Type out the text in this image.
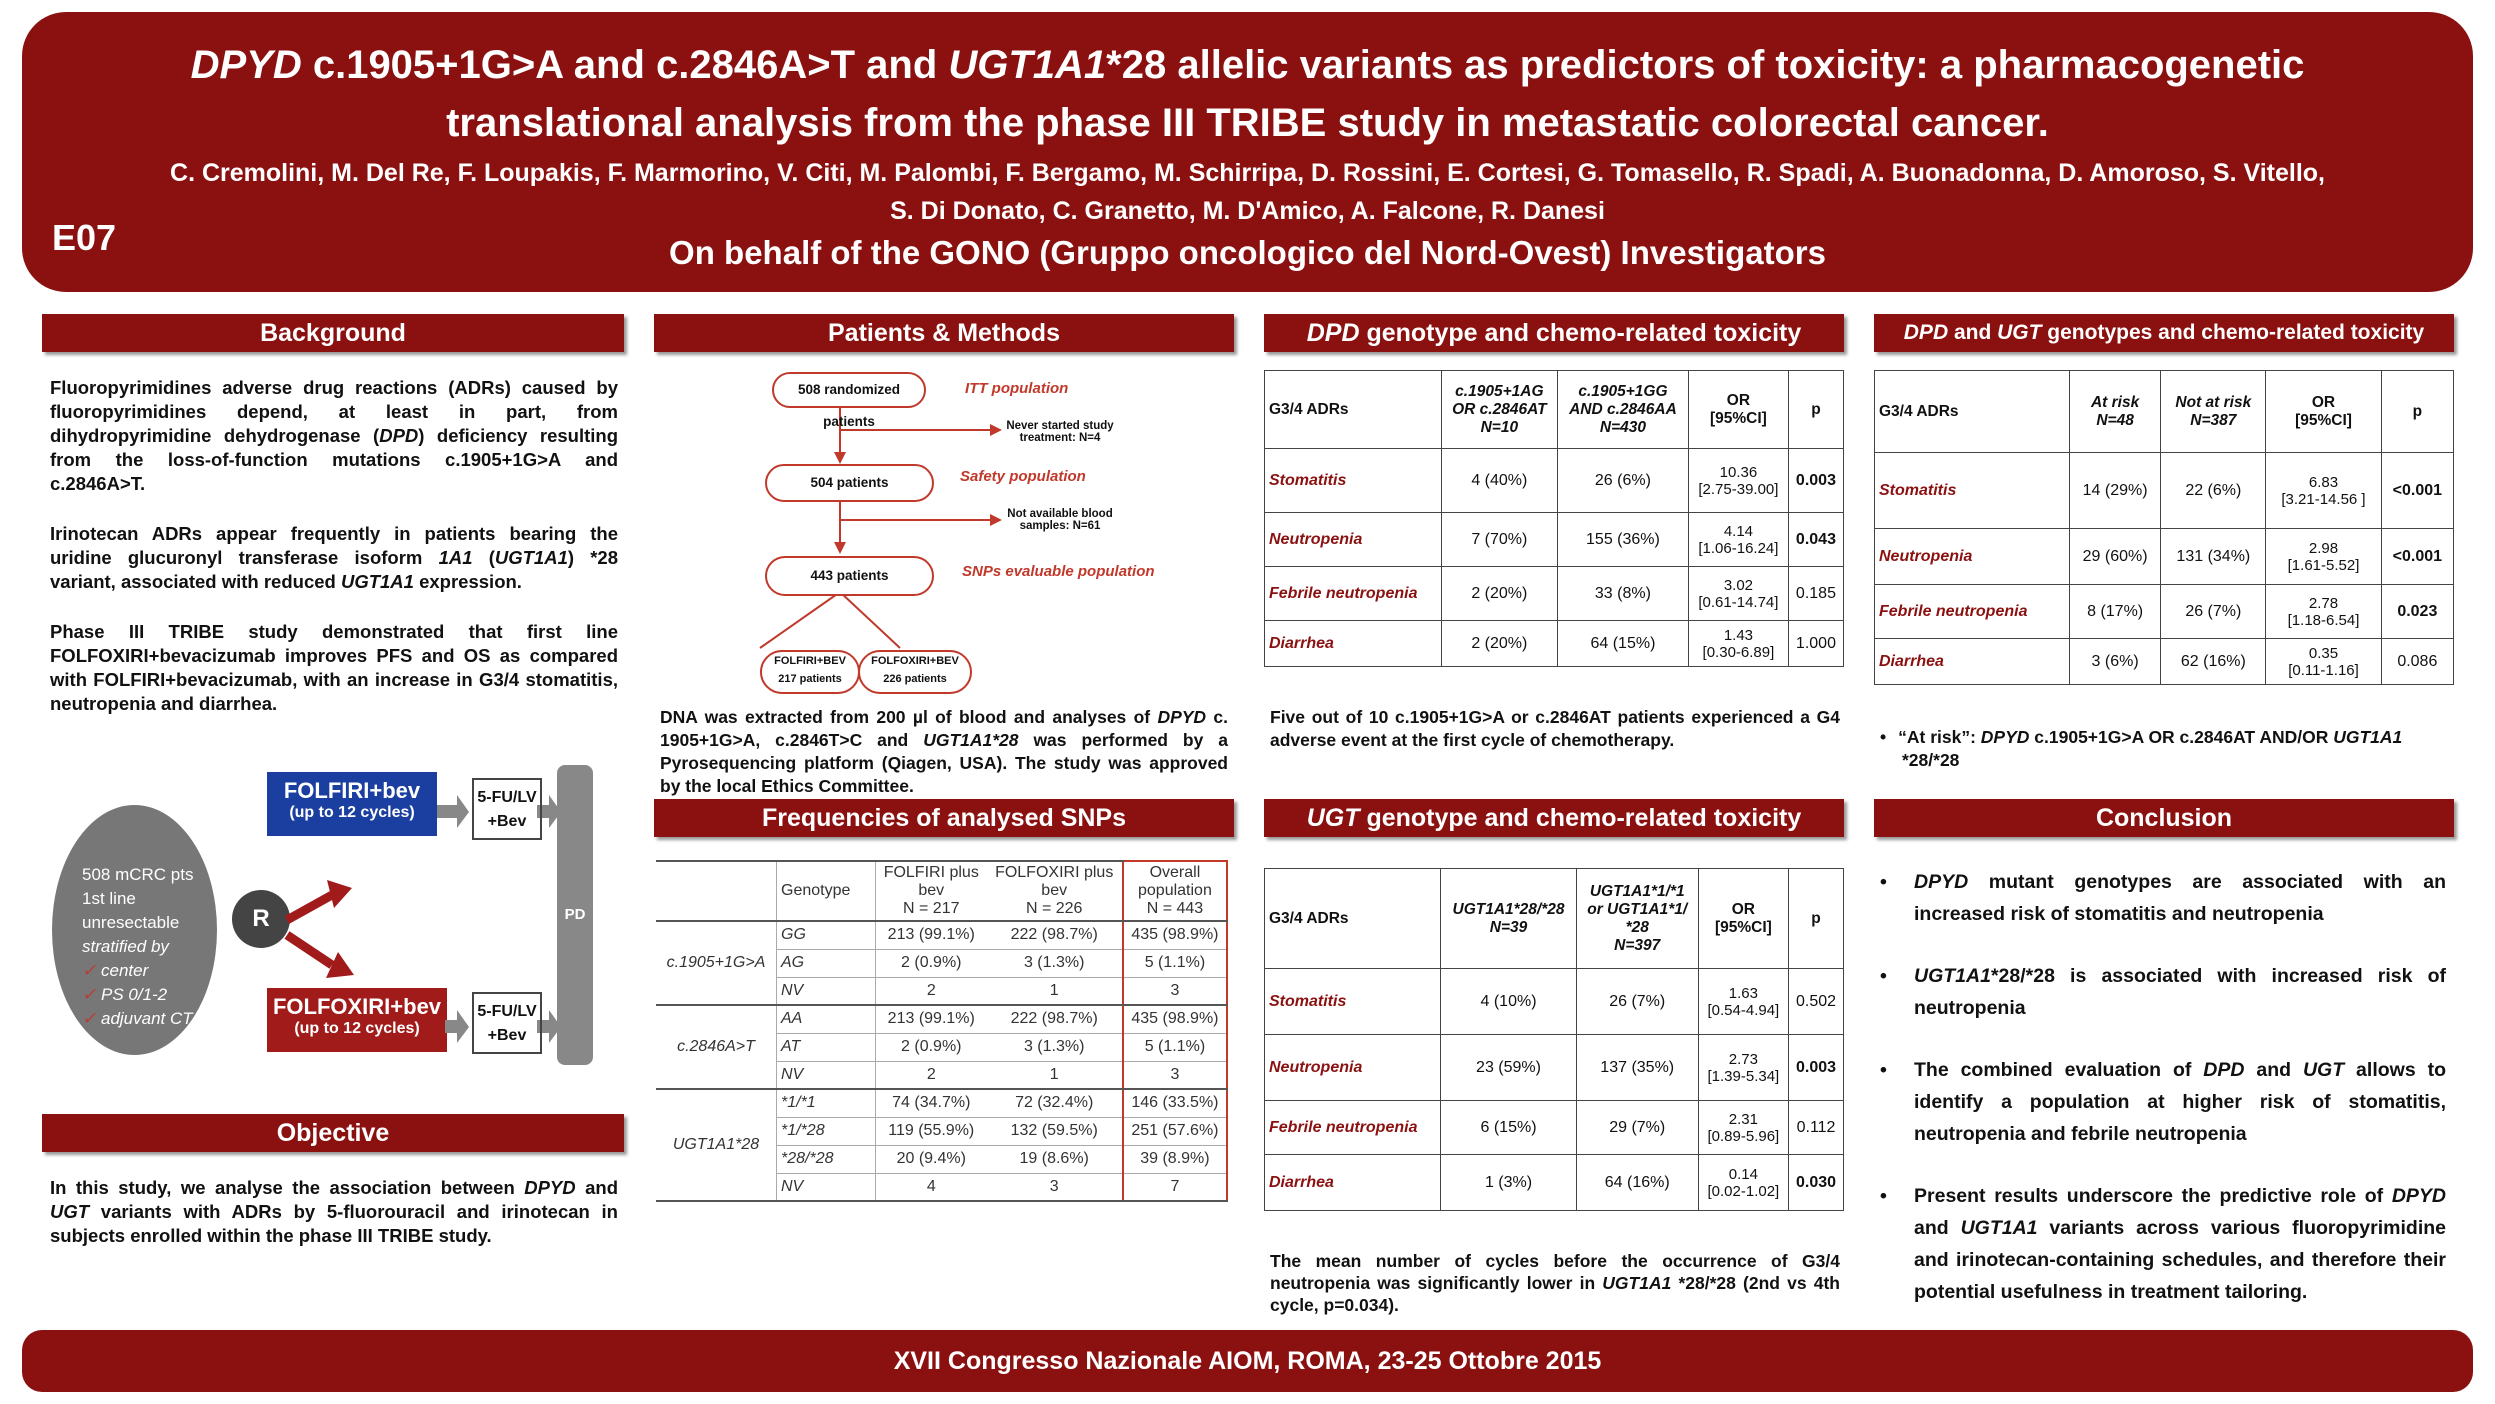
DPYD c.1905+1G>A and c.2846A>T and UGT1A1*28 allelic variants as predictors of toxicity: a pharmacogenetic
translational analysis from the phase III TRIBE study in metastatic colorectal cancer.
C. Cremolini, M. Del Re, F. Loupakis, F. Marmorino, V. Citi, M. Palombi, F. Bergamo, M. Schirripa, D. Rossini, E. Cortesi, G. Tomasello, R. Spadi, A. Buonadonna, D. Amoroso, S. Vitello,
S. Di Donato, C. Granetto, M. D'Amico, A. Falcone, R. Danesi
E07	On behalf of the GONO (Gruppo oncologico del Nord-Ovest) Investigators
Background

Fluoropyrimidines adverse drug reactions (ADRs) caused by fluoropyrimidines depend, at least in part, from dihydropyrimidine dehydrogenase (DPD) deficiency resulting from the loss-of-function mutations c.1905+1G>A and c.2846A>T.

Irinotecan ADRs appear frequently in patients bearing the uridine glucuronyl transferase isoform 1A1 (UGT1A1) *28 variant, associated with reduced UGT1A1 expression.

Phase III TRIBE study demonstrated that first line FOLFOXIRI+bevacizumab improves PFS and OS as compared with FOLFIRI+bevacizumab, with an increase in G3/4 stomatitis, neutropenia and diarrhea.

508 mCRC pts
1st line
unresectable
stratified by
✓ center
✓ PS 0/1-2
✓ adjuvant CT
R
FOLFIRI+bev
(up to 12 cycles)
FOLFOXIRI+bev
(up to 12 cycles)
5-FU/LV
+Bev
5-FU/LV
+Bev
PD
Objective
In this study, we analyse the association between DPYD and UGT variants with ADRs by 5-fluorouracil and irinotecan in subjects enrolled within the phase III TRIBE study.
Patients & Methods
508 randomized patients
ITT population
Never started study treatment: N=4
504 patients	Safety population
Not available blood samples: N=61
443 patients	SNPs evaluable population
FOLFIRI+BEV
217 patients
FOLFOXIRI+BEV
226 patients
DNA was extracted from 200 µl of blood and analyses of DPYD c. 1905+1G>A, c.2846T>C and UGT1A1*28 was performed by a Pyrosequencing platform (Qiagen, USA). The study was approved by the local Ethics Committee.
Frequencies of analysed SNPs
	Genotype	FOLFIRI plus
bev
N = 217	FOLFOXIRI plus
bev
N = 226	Overall
population
N = 443
c.1905+1G>A	GG	213 (99.1%)	222 (98.7%)	435 (98.9%)
	AG	2 (0.9%)	3 (1.3%)	5 (1.1%)
	NV	2	1	3
c.2846A>T	AA	213 (99.1%)	222 (98.7%)	435 (98.9%)
	AT	2 (0.9%)	3 (1.3%)	5 (1.1%)
	NV	2	1	3
UGT1A1*28	*1/*1	74 (34.7%)	72 (32.4%)	146 (33.5%)
	*1/*28	119 (55.9%)	132 (59.5%)	251 (57.6%)
	*28/*28	20 (9.4%)	19 (8.6%)	39 (8.9%)
	NV	4	3	7
DPD genotype and chemo-related toxicity
G3/4 ADRs	c.1905+1AG
OR c.2846AT
N=10	c.1905+1GG
AND c.2846AA
N=430	OR
[95%CI]	p
Stomatitis	4 (40%)	26 (6%)	10.36
[2.75-39.00]	0.003
Neutropenia	7 (70%)	155 (36%)	4.14
[1.06-16.24]	0.043
Febrile neutropenia	2 (20%)	33 (8%)	3.02
[0.61-14.74]	0.185
Diarrhea	2 (20%)	64 (15%)	1.43
[0.30-6.89]	1.000
Five out of 10 c.1905+1G>A or c.2846AT patients experienced a G4 adverse event at the first cycle of chemotherapy.
UGT genotype and chemo-related toxicity
G3/4 ADRs	UGT1A1*28/*28
N=39	UGT1A1*1/*1
or UGT1A1*1/
*28
N=397	OR
[95%CI]	p
Stomatitis	4 (10%)	26 (7%)	1.63
[0.54-4.94]	0.502
Neutropenia	23 (59%)	137 (35%)	2.73
[1.39-5.34]	0.003
Febrile neutropenia	6 (15%)	29 (7%)	2.31
[0.89-5.96]	0.112
Diarrhea	1 (3%)	64 (16%)	0.14
[0.02-1.02]	0.030
The mean number of cycles before the occurrence of G3/4 neutropenia was significantly lower in UGT1A1 *28/*28 (2nd vs 4th cycle, p=0.034).
DPD and UGT genotypes and chemo-related toxicity
G3/4 ADRs	At risk
N=48	Not at risk
N=387	OR
[95%CI]	p
Stomatitis	14 (29%)	22 (6%)	6.83
[3.21-14.56 ]	<0.001
Neutropenia	29 (60%)	131 (34%)	2.98
[1.61-5.52]	<0.001
Febrile neutropenia	8 (17%)	26 (7%)	2.78
[1.18-6.54]	0.023
Diarrhea	3 (6%)	62 (16%)	0.35
[0.11-1.16]	0.086
• “At risk”: DPYD c.1905+1G>A OR c.2846AT AND/OR UGT1A1
*28/*28
Conclusion
• DPYD mutant genotypes are associated with an increased risk of stomatitis and neutropenia
• UGT1A1*28/*28 is associated with increased risk of neutropenia
• The combined evaluation of DPD and UGT allows to identify a population at higher risk of stomatitis, neutropenia and febrile neutropenia
• Present results underscore the predictive role of DPYD and UGT1A1 variants across various fluoropyrimidine and irinotecan-containing schedules, and therefore their potential usefulness in treatment tailoring.
XVII Congresso Nazionale AIOM, ROMA, 23-25 Ottobre 2015
